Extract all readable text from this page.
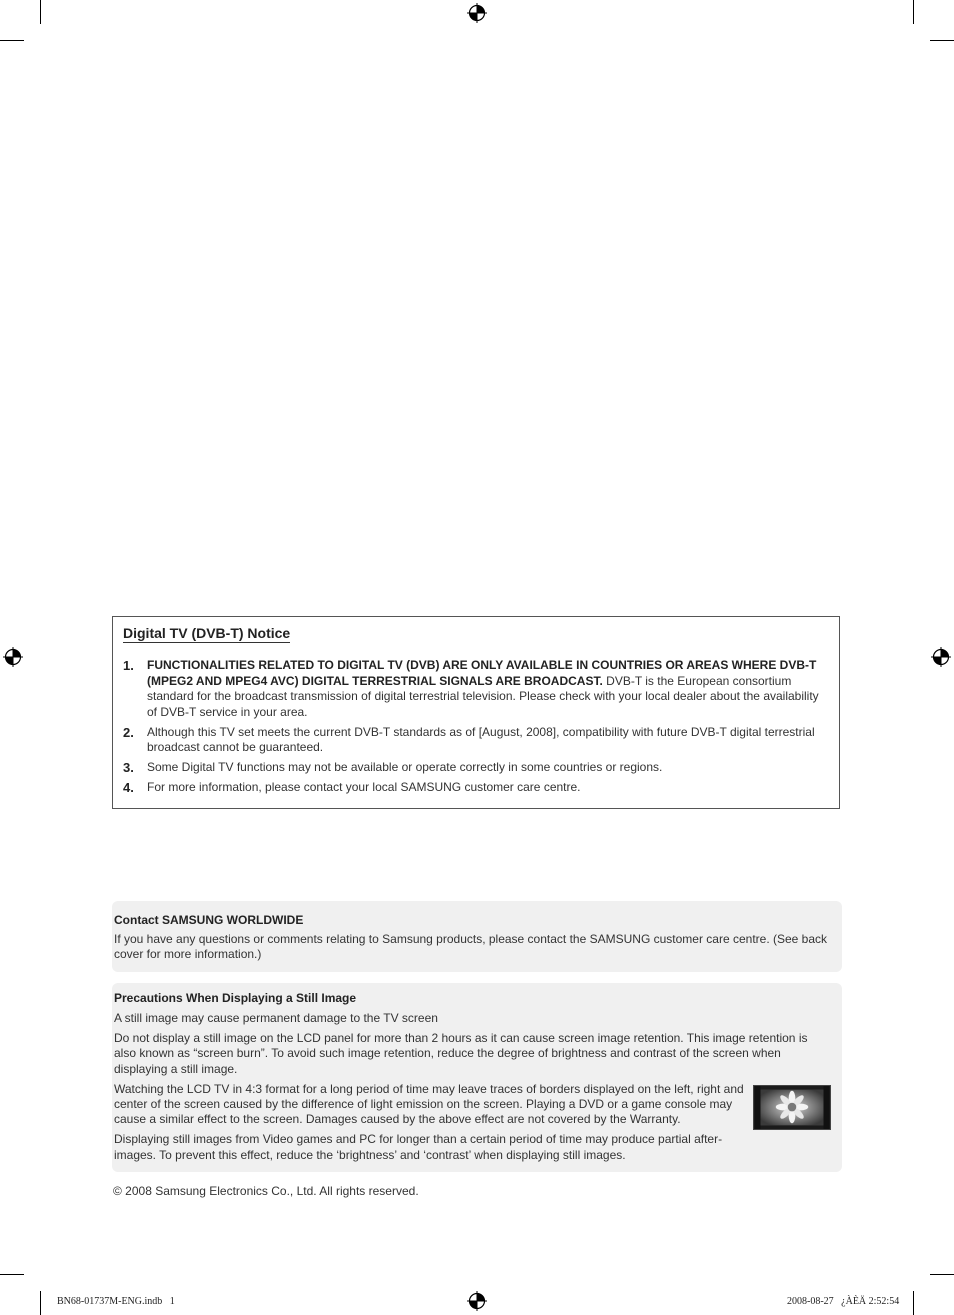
Digital TV (DVB-T) Notice
1. FUNCTIONALITIES RELATED TO DIGITAL TV (DVB) ARE ONLY AVAILABLE IN COUNTRIES OR AREAS WHERE DVB-T (MPEG2 AND MPEG4 AVC) DIGITAL TERRESTRIAL SIGNALS ARE BROADCAST. DVB-T is the European consortium standard for the broadcast transmission of digital terrestrial television. Please check with your local dealer about the availability of DVB-T service in your area.
2. Although this TV set meets the current DVB-T standards as of [August, 2008], compatibility with future DVB-T digital terrestrial broadcast cannot be guaranteed.
3. Some Digital TV functions may not be available or operate correctly in some countries or regions.
4. For more information, please contact your local SAMSUNG customer care centre.
Contact SAMSUNG WORLDWIDE

If you have any questions or comments relating to Samsung products, please contact the SAMSUNG customer care centre. (See back cover for more information.)

Precautions When Displaying a Still Image

A still image may cause permanent damage to the TV screen

Do not display a still image on the LCD panel for more than 2 hours as it can cause screen image retention. This image retention is also known as “screen burn”. To avoid such image retention, reduce the degree of brightness and contrast of the screen when displaying a still image.

Watching the LCD TV in 4:3 format for a long period of time may leave traces of borders displayed on the left, right and center of the screen caused by the difference of light emission on the screen. Playing a DVD or a game console may cause a similar effect to the screen. Damages caused by the above effect are not covered by the Warranty.

Displaying still images from Video games and PC for longer than a certain period of time may produce partial after-images. To prevent this effect, reduce the ‘brightness’ and ‘contrast’ when displaying still images.

© 2008 Samsung Electronics Co., Ltd. All rights reserved.
BN68-01737M-ENG.indb   1	2008-08-27   ¿ÀÈÄ 2:52:54
